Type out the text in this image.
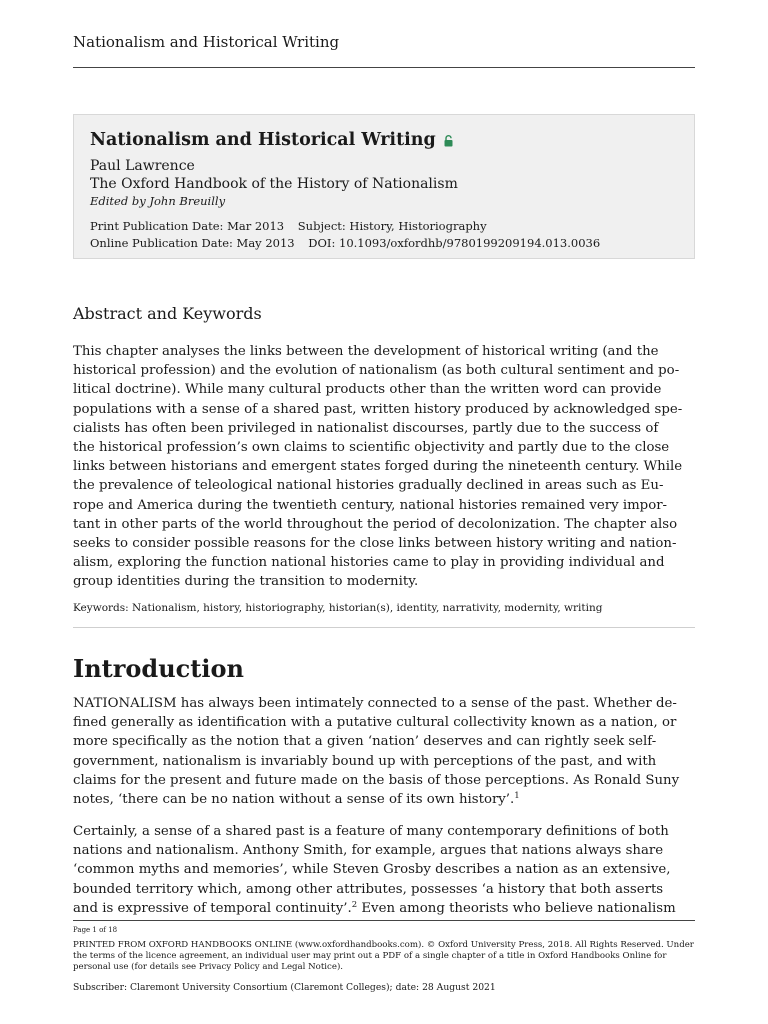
Nationalism and Historical Writing
Nationalism and Historical Writing
Paul Lawrence
The Oxford Handbook of the History of Nationalism
Edited by John Breuilly
Print Publication Date: Mar 2013 Subject: History, Historiography
Online Publication Date: May 2013 DOI: 10.1093/oxfordhb/9780199209194.013.0036
Abstract and Keywords
This chapter analyses the links between the development of historical writing (and the
historical profession) and the evolution of nationalism (as both cultural sentiment and po-
litical doctrine). While many cultural products other than the written word can provide
populations with a sense of a shared past, written history produced by acknowledged spe-
cialists has often been privileged in nationalist discourses, partly due to the success of
the historical profession’s own claims to scientific objectivity and partly due to the close
links between historians and emergent states forged during the nineteenth century. While
the prevalence of teleological national histories gradually declined in areas such as Eu-
rope and America during the twentieth century, national histories remained very impor-
tant in other parts of the world throughout the period of decolonization. The chapter also
seeks to consider possible reasons for the close links between history writing and nation-
alism, exploring the function national histories came to play in providing individual and
group identities during the transition to modernity.
Keywords: Nationalism, history, historiography, historian(s), identity, narrativity, modernity, writing
Introduction
NATIONALISM has always been intimately connected to a sense of the past. Whether de-
fined generally as identification with a putative cultural collectivity known as a nation, or
more specifically as the notion that a given ‘nation’ deserves and can rightly seek self-
government, nationalism is invariably bound up with perceptions of the past, and with
claims for the present and future made on the basis of those perceptions. As Ronald Suny
notes, ‘there can be no nation without a sense of its own history’.$^1$
Certainly, a sense of a shared past is a feature of many contemporary definitions of both
nations and nationalism. Anthony Smith, for example, argues that nations always share
‘common myths and memories’, while Steven Grosby describes a nation as an extensive,
bounded territory which, among other attributes, possesses ‘a history that both asserts
and is expressive of temporal continuity’.$^2$ Even among theorists who believe nationalism
Page 1 of 18
PRINTED FROM OXFORD HANDBOOKS ONLINE (www.oxfordhandbooks.com). © Oxford University Press, 2018. All Rights Reserved. Under the terms of the licence agreement, an individual user may print out a PDF of a single chapter of a title in Oxford Handbooks Online for personal use (for details see Privacy Policy and Legal Notice).
Subscriber: Claremont University Consortium (Claremont Colleges); date: 28 August 2021
